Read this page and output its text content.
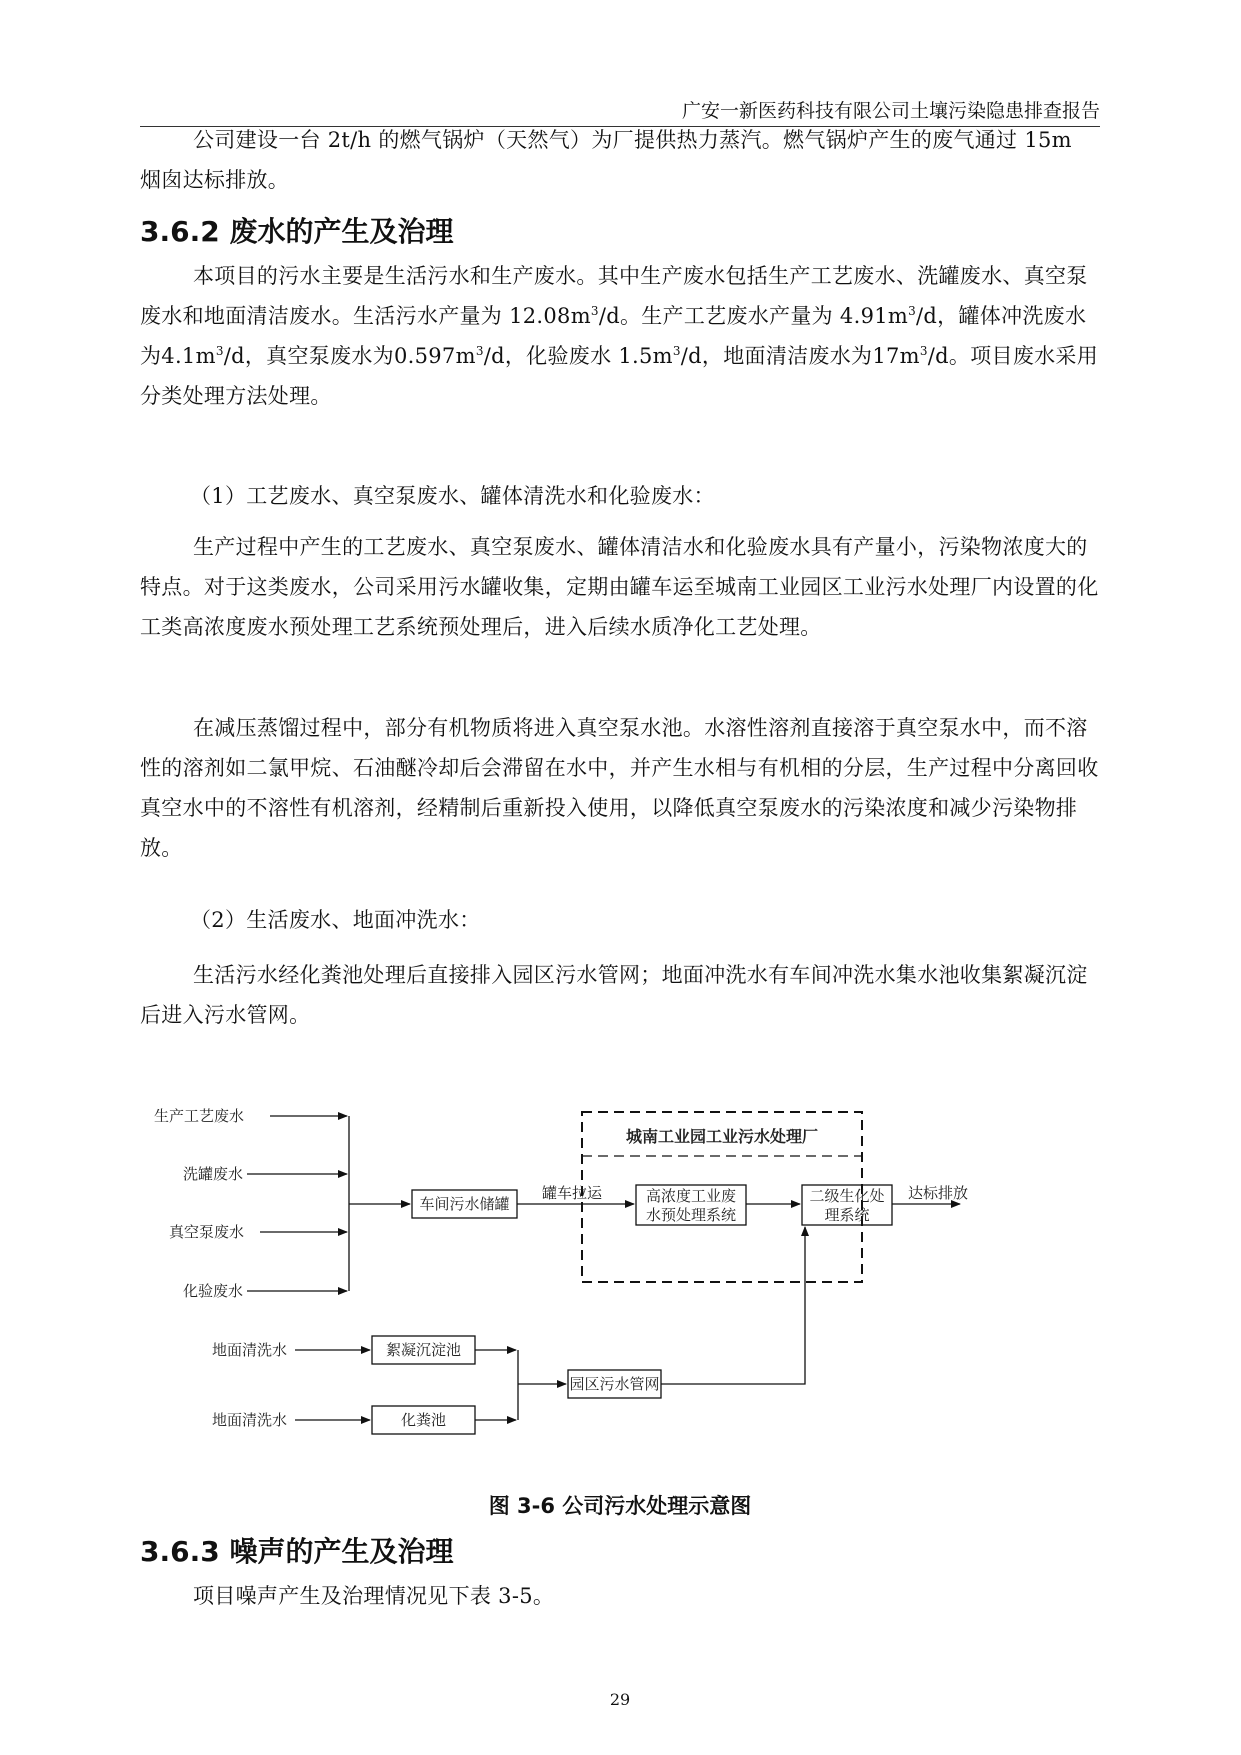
广安一新医药科技有限公司土壤污染隐患排查报告

公司建设一台 2t/h 的燃气锅炉（天然气）为厂提供热力蒸汽。燃气锅炉产生的废气通过 15m 烟囱达标排放。

3.6.2 废水的产生及治理

本项目的污水主要是生活污水和生产废水。其中生产废水包括生产工艺废水、洗罐废水、真空泵废水和地面清洁废水。生活污水产量为 $12.08m^3/d$。生产工艺废水产量为 $4.91m^3/d$，罐体冲洗废水为$4.1m^3/d$，真空泵废水为$0.597m^3/d$，化验废水 $1.5m^3/d$，地面清洁废水为$17m^3/d$。项目废水采用分类处理方法处理。

（1）工艺废水、真空泵废水、罐体清洗水和化验废水：

生产过程中产生的工艺废水、真空泵废水、罐体清洁水和化验废水具有产量小，污染物浓度大的特点。对于这类废水，公司采用污水罐收集，定期由罐车运至城南工业园区工业污水处理厂内设置的化工类高浓度废水预处理工艺系统预处理后，进入后续水质净化工艺处理。

在减压蒸馏过程中，部分有机物质将进入真空泵水池。水溶性溶剂直接溶于真空泵水中，而不溶性的溶剂如二氯甲烷、石油醚冷却后会滞留在水中，并产生水相与有机相的分层，生产过程中分离回收真空水中的不溶性有机溶剂，经精制后重新投入使用，以降低真空泵废水的污染浓度和减少污染物排放。

（2）生活废水、地面冲洗水：

生活污水经化粪池处理后直接排入园区污水管网；地面冲洗水有车间冲洗水集水池收集絮凝沉淀后进入污水管网。

生产工艺废水
洗罐废水
真空泵废水
化验废水
车间污水储罐
罐车拉运
城南工业园工业污水处理厂
高浓度工业废
水预处理系统
二级生化处
理系统
达标排放
地面清洗水
地面清洗水
絮凝沉淀池
化粪池
园区污水管网
图 3-6 公司污水处理示意图
3.6.3 噪声的产生及治理

项目噪声产生及治理情况见下表 3-5。

29
